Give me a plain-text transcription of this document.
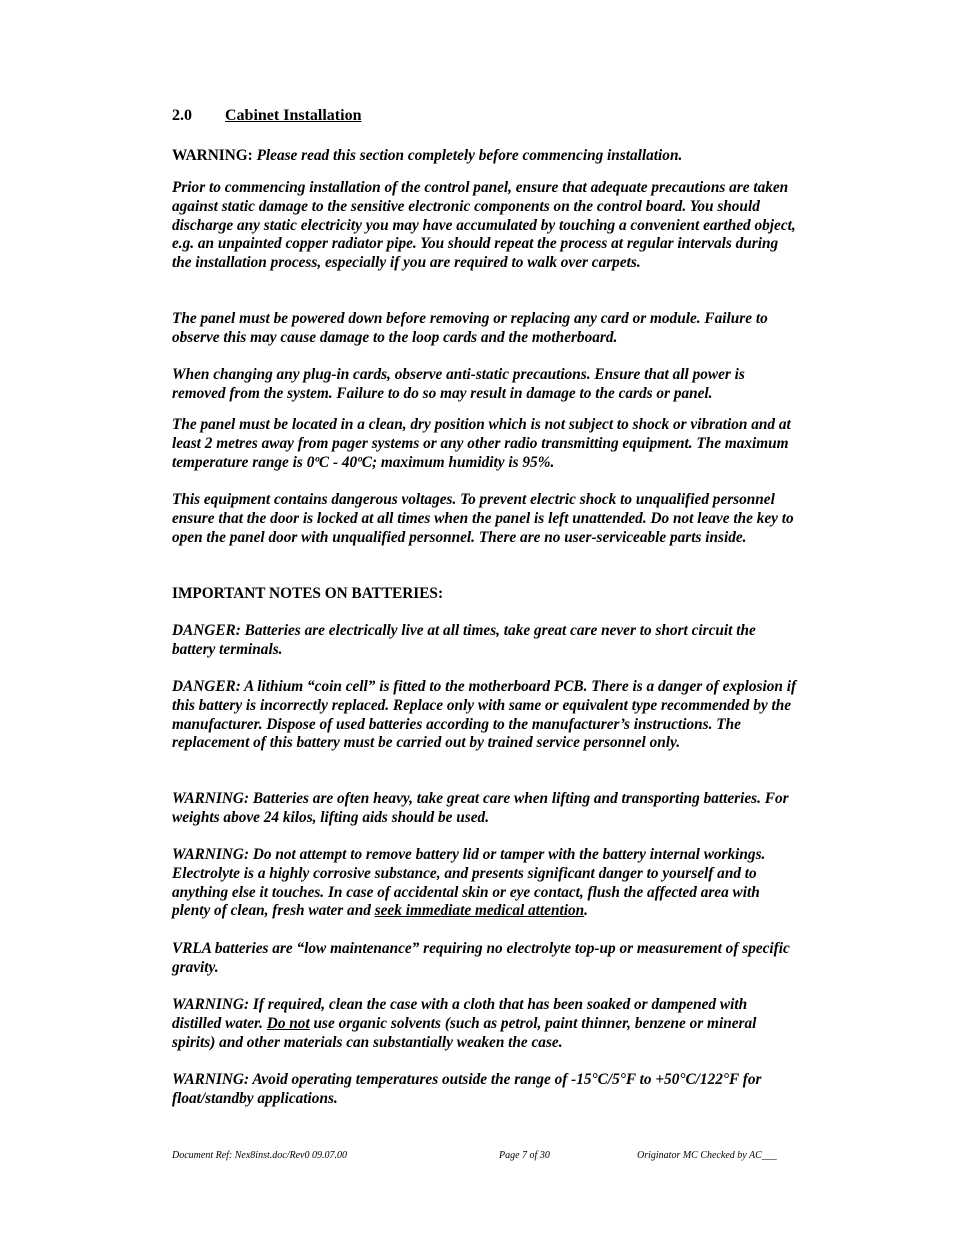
2.0 Cabinet Installation

WARNING: Please read this section completely before commencing installation.

Prior to commencing installation of the control panel, ensure that adequate precautions are taken against static damage to the sensitive electronic components on the control board. You should discharge any static electricity you may have accumulated by touching a convenient earthed object, e.g. an unpainted copper radiator pipe. You should repeat the process at regular intervals during the installation process, especially if you are required to walk over carpets.

The panel must be powered down before removing or replacing any card or module. Failure to observe this may cause damage to the loop cards and the motherboard.

When changing any plug-in cards, observe anti-static precautions. Ensure that all power is removed from the system. Failure to do so may result in damage to the cards or panel.

The panel must be located in a clean, dry position which is not subject to shock or vibration and at least 2 metres away from pager systems or any other radio transmitting equipment. The maximum temperature range is 0ºC - 40ºC; maximum humidity is 95%.

This equipment contains dangerous voltages. To prevent electric shock to unqualified personnel ensure that the door is locked at all times when the panel is left unattended. Do not leave the key to open the panel door with unqualified personnel. There are no user-serviceable parts inside.

IMPORTANT NOTES ON BATTERIES:

DANGER: Batteries are electrically live at all times, take great care never to short circuit the battery terminals.

DANGER: A lithium “coin cell” is fitted to the motherboard PCB. There is a danger of explosion if this battery is incorrectly replaced. Replace only with same or equivalent type recommended by the manufacturer. Dispose of used batteries according to the manufacturer’s instructions. The replacement of this battery must be carried out by trained service personnel only.

WARNING: Batteries are often heavy, take great care when lifting and transporting batteries. For weights above 24 kilos, lifting aids should be used.

WARNING: Do not attempt to remove battery lid or tamper with the battery internal workings. Electrolyte is a highly corrosive substance, and presents significant danger to yourself and to anything else it touches. In case of accidental skin or eye contact, flush the affected area with plenty of clean, fresh water and seek immediate medical attention.

VRLA batteries are “low maintenance” requiring no electrolyte top-up or measurement of specific gravity.

WARNING: If required, clean the case with a cloth that has been soaked or dampened with distilled water. Do not use organic solvents (such as petrol, paint thinner, benzene or mineral spirits) and other materials can substantially weaken the case.

WARNING: Avoid operating temperatures outside the range of -15°C/5°F to +50°C/122°F for float/standby applications.

Document Ref: Nex8inst.doc/Rev0 09.07.00	Page 7 of 30	Originator MC Checked by AC___
